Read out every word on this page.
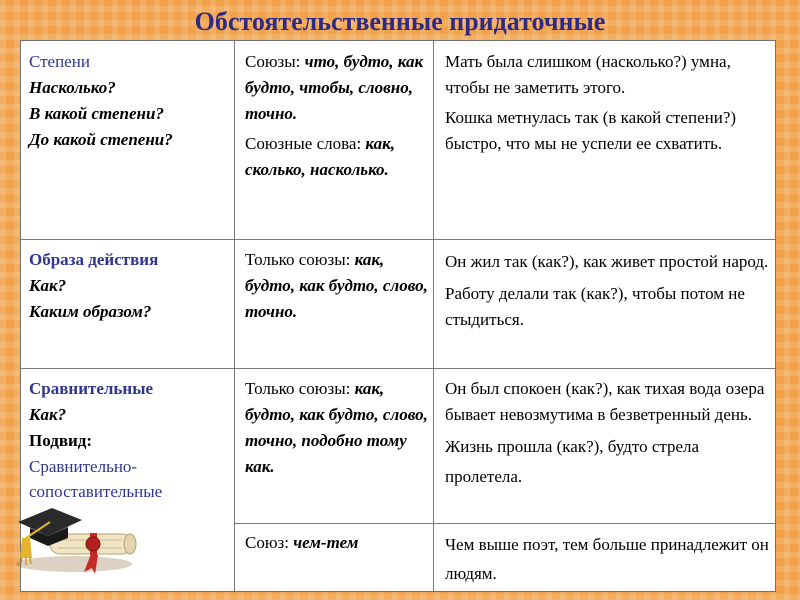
Обстоятельственные придаточные
Степени
Насколько?
В какой степени?
До какой степени?
Союзы: что, будто, как будто, чтобы, словно, точно.
Союзные слова: как, сколько, насколько.
Мать была слишком (насколько?) умна, чтобы не заметить этого.
Кошка метнулась так (в какой степени?) быстро, что мы не успели ее схватить.
Образа действия
Как?
Каким образом?
Только союзы: как, будто, как будто, слово, точно.
Он жил так (как?), как живет простой народ.
Работу делали так (как?), чтобы потом не стыдиться.
Сравнительные
Как?
Подвид:
Сравнительно-сопоставительные
Только союзы: как, будто, как будто, слово, точно, подобно тому как.
Он был спокоен (как?), как тихая вода озера бывает невозмутима в безветренный день.
Жизнь прошла (как?), будто стрела пролетела.
Союз: чем-тем	Чем выше поэт, тем больше принадлежит он людям.
